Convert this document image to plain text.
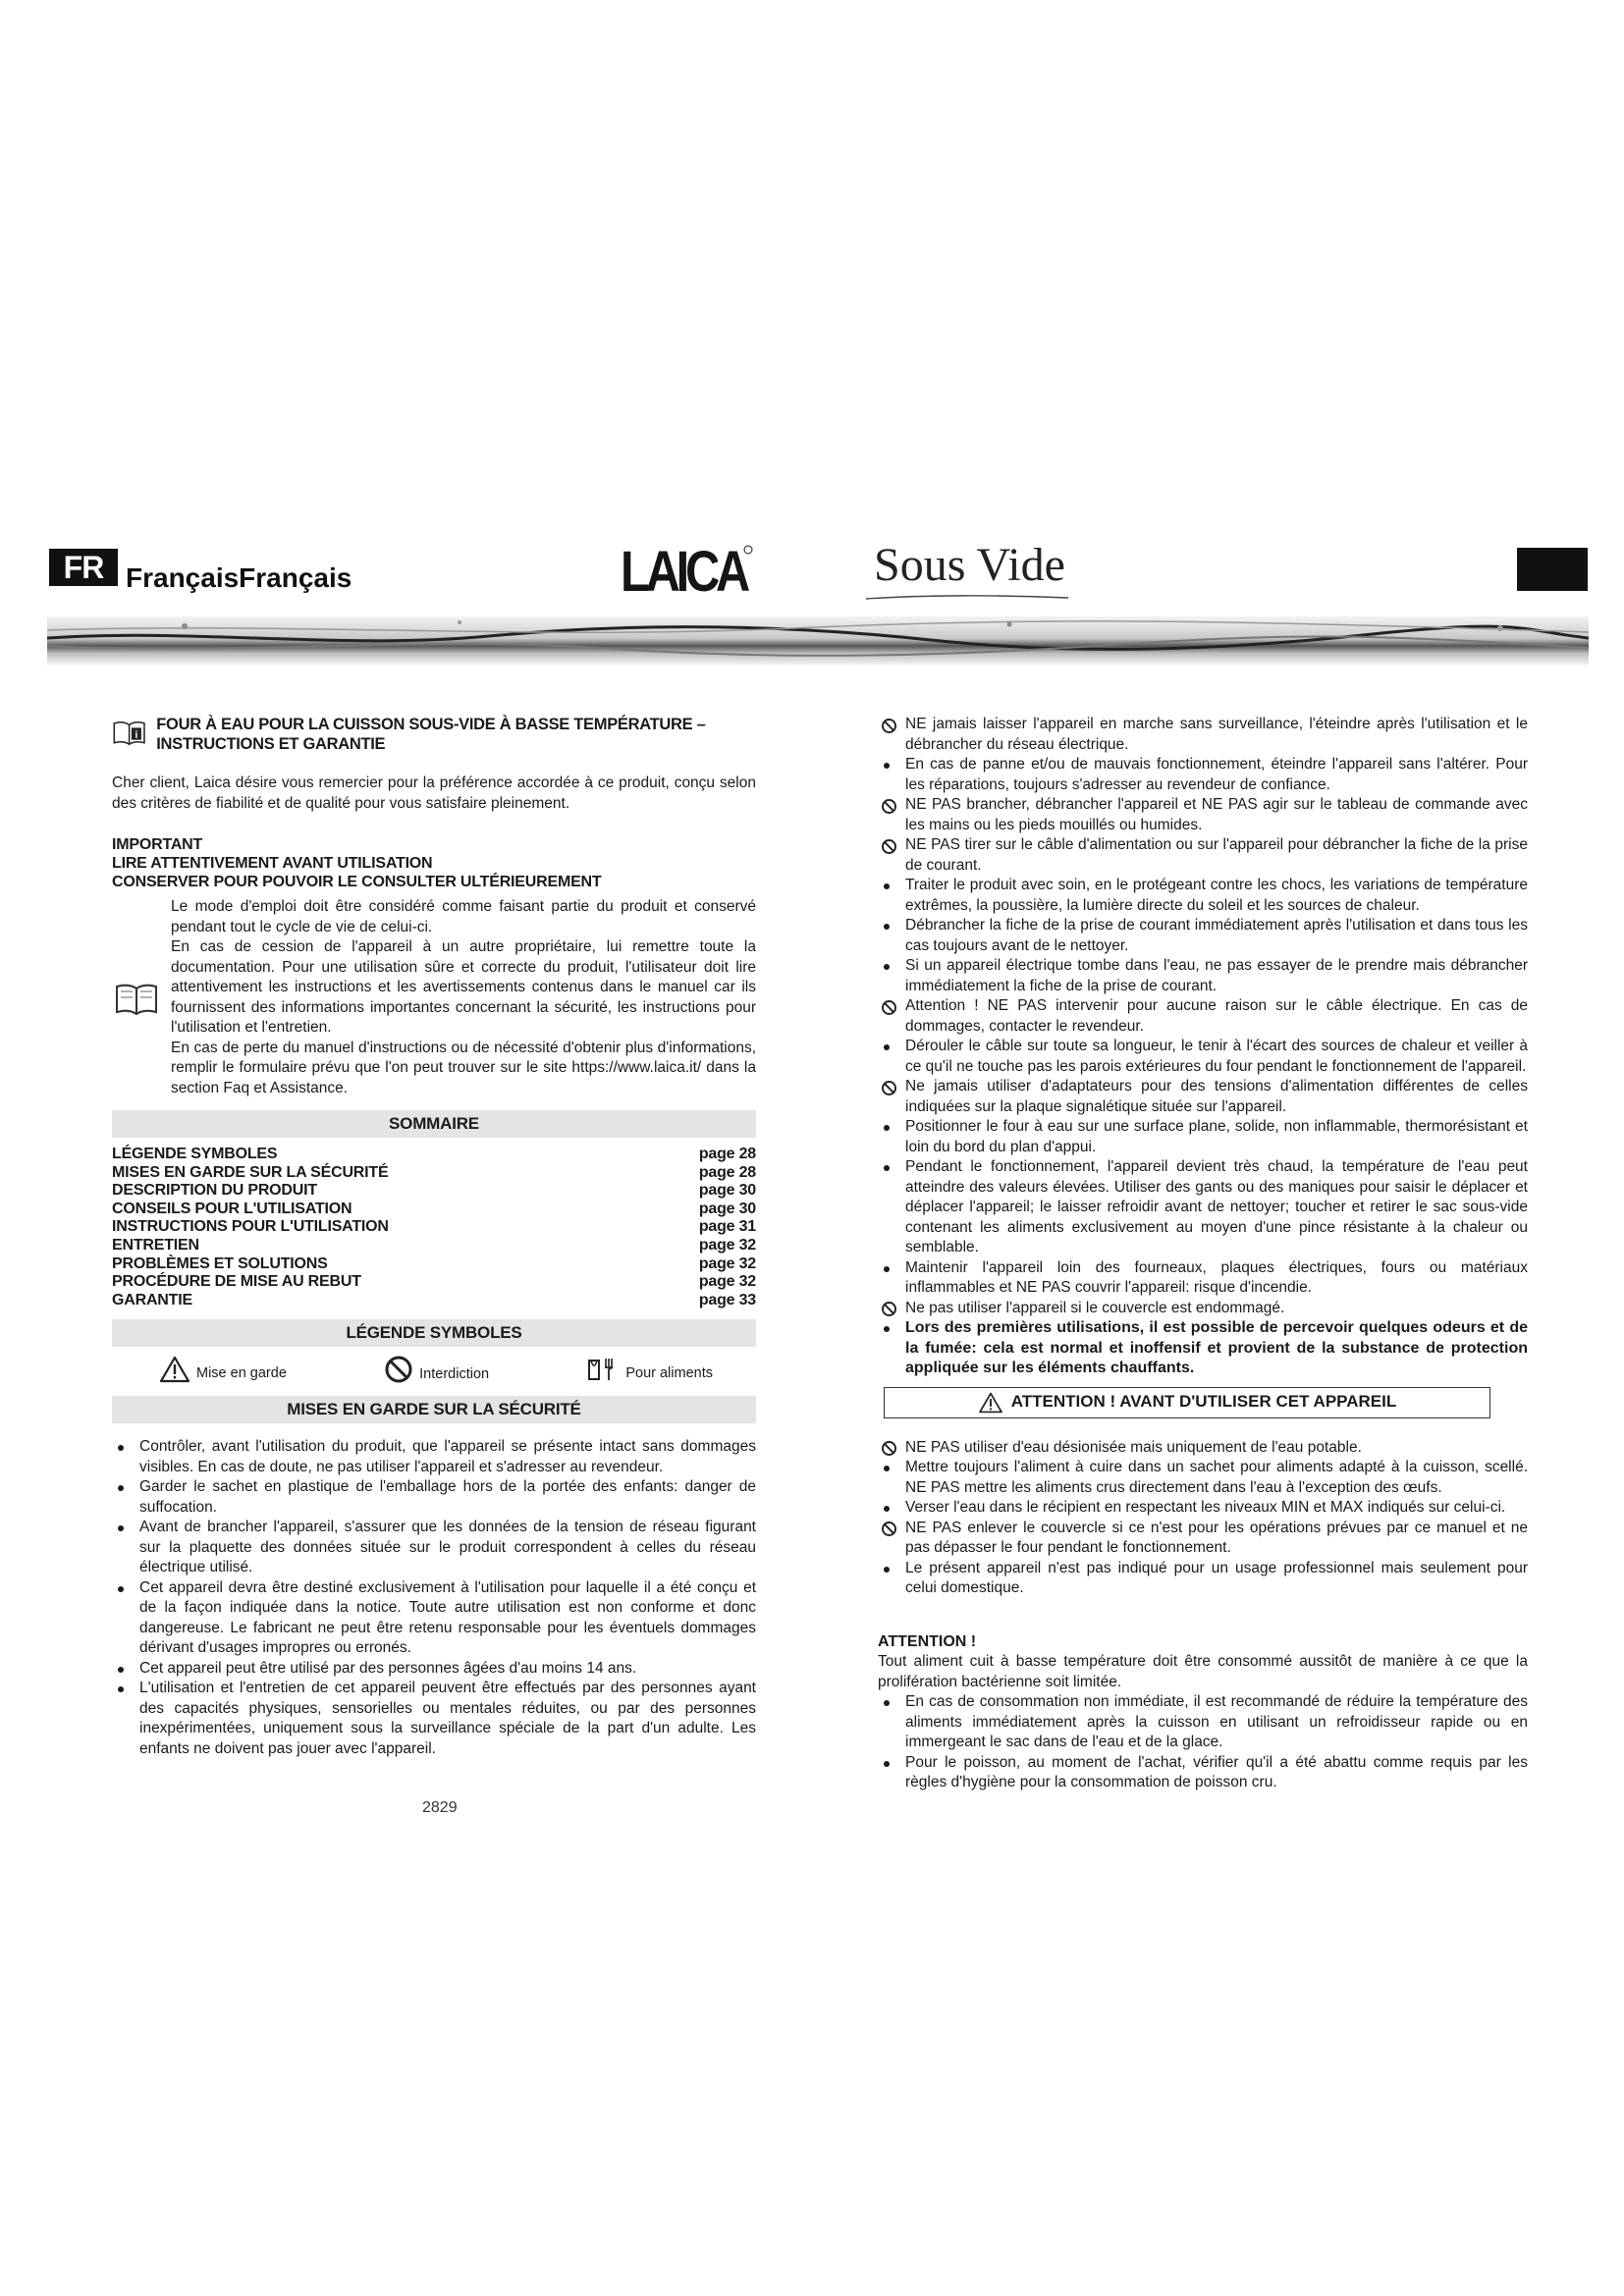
FR FrançaisFrançais	LAICA	Sous Vide
i
FOUR À EAU POUR LA CUISSON SOUS-VIDE À BASSE TEMPÉRATURE – INSTRUCTIONS ET GARANTIE

Cher client, Laica désire vous remercier pour la préférence accordée à ce produit, conçu selon des critères de fiabilité et de qualité pour vous satisfaire pleinement.

IMPORTANT
LIRE ATTENTIVEMENT AVANT UTILISATION
CONSERVER POUR POUVOIR LE CONSULTER ULTÉRIEUREMENT

Le mode d'emploi doit être considéré comme faisant partie du produit et conservé pendant tout le cycle de vie de celui-ci.

En cas de cession de l'appareil à un autre propriétaire, lui remettre toute la documentation. Pour une utilisation sûre et correcte du produit, l'utilisateur doit lire attentivement les instructions et les avertissements contenus dans le manuel car ils fournissent des informations importantes concernant la sécurité, les instructions pour l'utilisation et l'entretien.

En cas de perte du manuel d'instructions ou de nécessité d'obtenir plus d'informations, remplir le formulaire prévu que l'on peut trouver sur le site https://www.laica.it/ dans la section Faq et Assistance.

SOMMAIRE
LÉGENDE SYMBOLES	page 28
MISES EN GARDE SUR LA SÉCURITÉ	page 28
DESCRIPTION DU PRODUIT	page 30
CONSEILS POUR L'UTILISATION	page 30
INSTRUCTIONS POUR L'UTILISATION	page 31
ENTRETIEN	page 32
PROBLÈMES ET SOLUTIONS	page 32
PROCÉDURE DE MISE AU REBUT	page 32
GARANTIE	page 33
LÉGENDE SYMBOLES
Mise en garde	Interdiction	Pour aliments
MISES EN GARDE SUR LA SÉCURITÉ
Contrôler, avant l'utilisation du produit, que l'appareil se présente intact sans dommages visibles. En cas de doute, ne pas utiliser l'appareil et s'adresser au revendeur.
Garder le sachet en plastique de l'emballage hors de la portée des enfants: danger de suffocation.
Avant de brancher l'appareil, s'assurer que les données de la tension de réseau figurant sur la plaquette des données située sur le produit correspondent à celles du réseau électrique utilisé.
Cet appareil devra être destiné exclusivement à l'utilisation pour laquelle il a été conçu et de la façon indiquée dans la notice. Toute autre utilisation est non conforme et donc dangereuse. Le fabricant ne peut être retenu responsable pour les éventuels dommages dérivant d'usages impropres ou erronés.
Cet appareil peut être utilisé par des personnes âgées d'au moins 14 ans.
L'utilisation et l'entretien de cet appareil peuvent être effectués par des personnes ayant des capacités physiques, sensorielles ou mentales réduites, ou par des personnes inexpérimentées, uniquement sous la surveillance spéciale de la part d'un adulte. Les enfants ne doivent pas jouer avec l'appareil.
2829
NE jamais laisser l'appareil en marche sans surveillance, l'éteindre après l'utilisation et le débrancher du réseau électrique.
En cas de panne et/ou de mauvais fonctionnement, éteindre l'appareil sans l'altérer. Pour les réparations, toujours s'adresser au revendeur de confiance.
NE PAS brancher, débrancher l'appareil et NE PAS agir sur le tableau de commande avec les mains ou les pieds mouillés ou humides.
NE PAS tirer sur le câble d'alimentation ou sur l'appareil pour débrancher la fiche de la prise de courant.
Traiter le produit avec soin, en le protégeant contre les chocs, les variations de température extrêmes, la poussière, la lumière directe du soleil et les sources de chaleur.
Débrancher la fiche de la prise de courant immédiatement après l'utilisation et dans tous les cas toujours avant de le nettoyer.
Si un appareil électrique tombe dans l'eau, ne pas essayer de le prendre mais débrancher immédiatement la fiche de la prise de courant.
Attention ! NE PAS intervenir pour aucune raison sur le câble électrique. En cas de dommages, contacter le revendeur.
Dérouler le câble sur toute sa longueur, le tenir à l'écart des sources de chaleur et veiller à ce qu'il ne touche pas les parois extérieures du four pendant le fonctionnement de l'appareil.
Ne jamais utiliser d'adaptateurs pour des tensions d'alimentation différentes de celles indiquées sur la plaque signalétique située sur l'appareil.
Positionner le four à eau sur une surface plane, solide, non inflammable, thermorésistant et loin du bord du plan d'appui.
Pendant le fonctionnement, l'appareil devient très chaud, la température de l'eau peut atteindre des valeurs élevées. Utiliser des gants ou des maniques pour saisir le déplacer et déplacer l'appareil; le laisser refroidir avant de nettoyer; toucher et retirer le sac sous-vide contenant les aliments exclusivement au moyen d'une pince résistante à la chaleur ou semblable.
Maintenir l'appareil loin des fourneaux, plaques électriques, fours ou matériaux inflammables et NE PAS couvrir l'appareil: risque d'incendie.
Ne pas utiliser l'appareil si le couvercle est endommagé.
Lors des premières utilisations, il est possible de percevoir quelques odeurs et de la fumée: cela est normal et inoffensif et provient de la substance de protection appliquée sur les éléments chauffants.
ATTENTION ! AVANT D'UTILISER CET APPAREIL
NE PAS utiliser d'eau désionisée mais uniquement de l'eau potable.
Mettre toujours l'aliment à cuire dans un sachet pour aliments adapté à la cuisson, scellé. NE PAS mettre les aliments crus directement dans l'eau à l'exception des œufs.
Verser l'eau dans le récipient en respectant les niveaux MIN et MAX indiqués sur celui-ci.
NE PAS enlever le couvercle si ce n'est pour les opérations prévues par ce manuel et ne pas dépasser le four pendant le fonctionnement.
Le présent appareil n'est pas indiqué pour un usage professionnel mais seulement pour celui domestique.
ATTENTION !

Tout aliment cuit à basse température doit être consommé aussitôt de manière à ce que la prolifération bactérienne soit limitée.

En cas de consommation non immédiate, il est recommandé de réduire la température des aliments immédiatement après la cuisson en utilisant un refroidisseur rapide ou en immergeant le sac dans de l'eau et de la glace.
Pour le poisson, au moment de l'achat, vérifier qu'il a été abattu comme requis par les règles d'hygiène pour la consommation de poisson cru.
